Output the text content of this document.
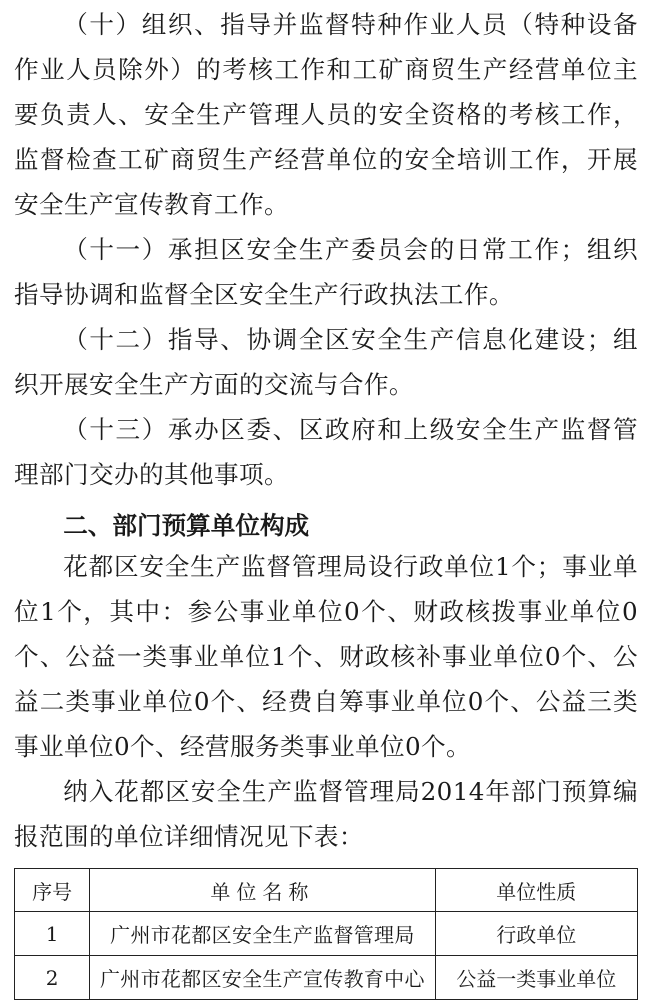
（十）组织、指导并监督特种作业人员（特种设备作业人员除外）的考核工作和工矿商贸生产经营单位主要负责人、安全生产管理人员的安全资格的考核工作，监督检查工矿商贸生产经营单位的安全培训工作，开展安全生产宣传教育工作。

（十一）承担区安全生产委员会的日常工作；组织指导协调和监督全区安全生产行政执法工作。

（十二）指导、协调全区安全生产信息化建设；组织开展安全生产方面的交流与合作。

（十三）承办区委、区政府和上级安全生产监督管理部门交办的其他事项。

二、部门预算单位构成

花都区安全生产监督管理局设行政单位1个；事业单位1个，其中：参公事业单位0个、财政核拨事业单位0个、公益一类事业单位1个、财政核补事业单位0个、公益二类事业单位0个、经费自筹事业单位0个、公益三类事业单位0个、经营服务类事业单位0个。

纳入花都区安全生产监督管理局2014年部门预算编报范围的单位详细情况见下表：

序号	单位名称	单位性质
1	广州市花都区安全生产监督管理局	行政单位
2	广州市花都区安全生产宣传教育中心	公益一类事业单位
